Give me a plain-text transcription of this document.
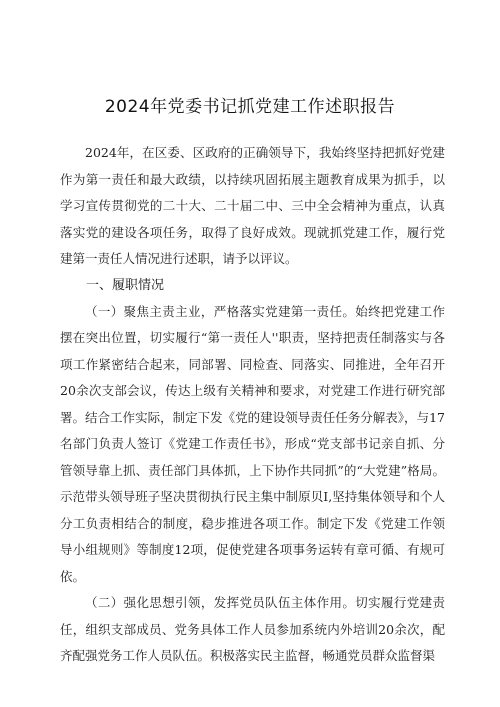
2024年党委书记抓党建工作述职报告

2024年，在区委、区政府的正确领导下，我始终坚持把抓好党建作为第一责任和最大政绩，以持续巩固拓展主题教育成果为抓手，以学习宣传贯彻党的二十大、二十届二中、三中全会精神为重点，认真落实党的建设各项任务，取得了良好成效。现就抓党建工作，履行党建第一责任人情况进行述职，请予以评议。

一、履职情况

（一）聚焦主责主业，严格落实党建第一责任。始终把党建工作摆在突出位置，切实履行“第一责任人''职责，坚持把责任制落实与各项工作紧密结合起来，同部署、同检查、同落实、同推进，全年召开20余次支部会议，传达上级有关精神和要求，对党建工作进行研究部署。结合工作实际，制定下发《党的建设领导责任任务分解表》，与17名部门负责人签订《党建工作责任书》，形成“党支部书记亲自抓、分管领导靠上抓、责任部门具体抓，上下协作共同抓”的“大党建”格局。示范带头领导班子坚决贯彻执行民主集中制原贝I,坚持集体领导和个人分工负责相结合的制度，稳步推进各项工作。制定下发《党建工作领导小组规则》等制度12项，促使党建各项事务运转有章可循、有规可依。

（二）强化思想引领，发挥党员队伍主体作用。切实履行党建责任，组织支部成员、党务具体工作人员参加系统内外培训20余次，配齐配强党务工作人员队伍。积极落实民主监督，畅通党员群众监督渠
